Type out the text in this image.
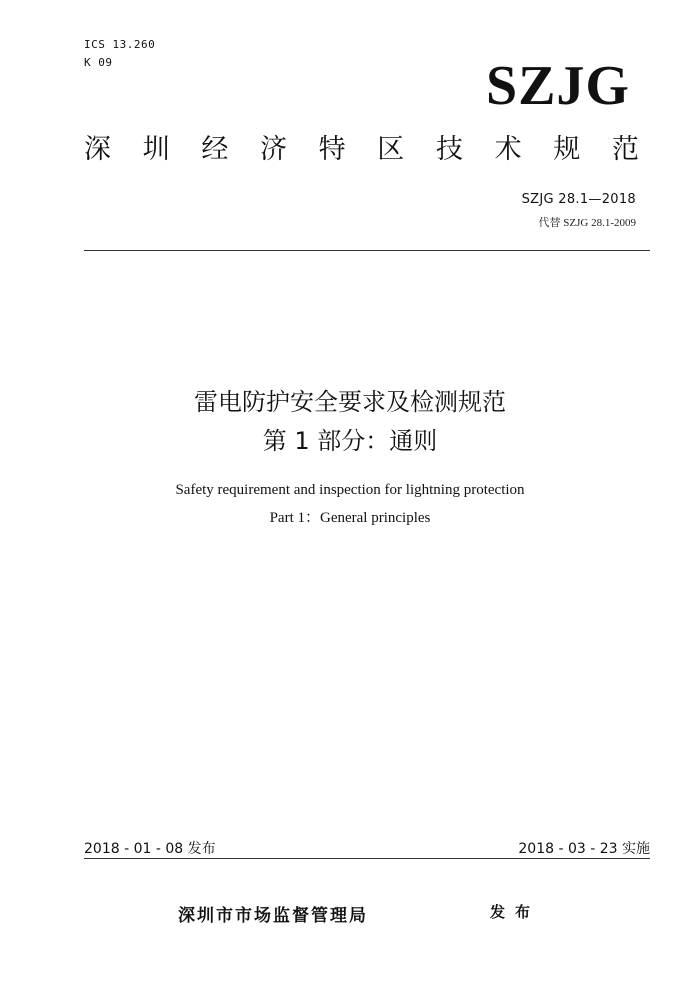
ICS 13.260
K 09	SZJG
深 圳 经 济 特 区 技 术 规 范
SZJG 28.1—2018
代替 SZJG 28.1-2009
雷电防护安全要求及检测规范
第 1 部分：通则
Safety requirement and inspection for lightning protection
Part 1：General principles
2018 - 01 - 08 发布	2018 - 03 - 23 实施
深圳市市场监督管理局	发布
